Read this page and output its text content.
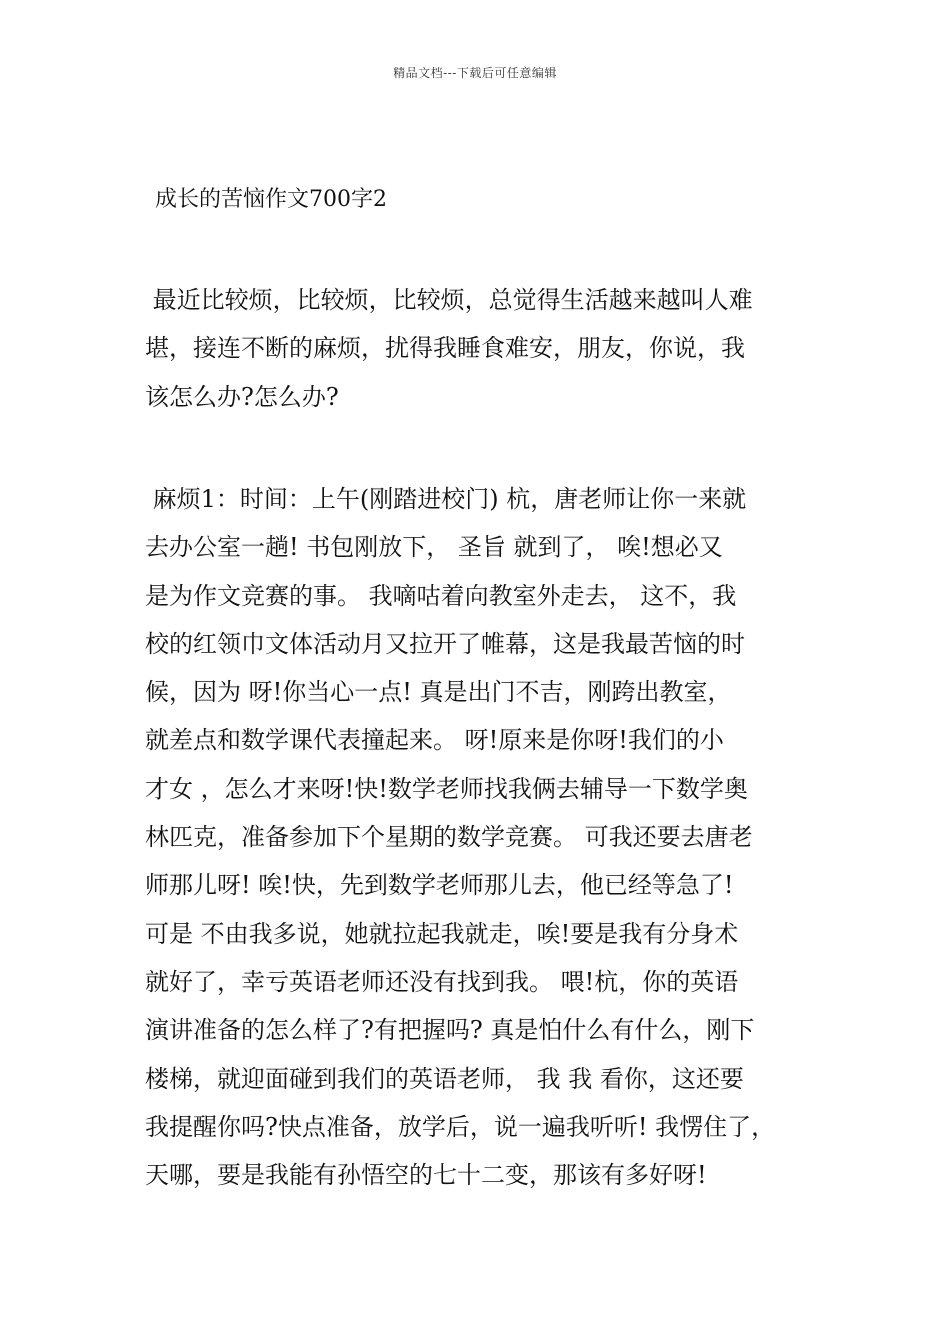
精品文档---下载后可任意编辑
成长的苦恼作文700字2
最近比较烦，比较烦，比较烦，总觉得生活越来越叫人难
堪，接连不断的麻烦，扰得我睡食难安，朋友，你说，我
该怎么办?怎么办?
麻烦1：时间：上午(刚踏进校门) 杭，唐老师让你一来就
去办公室一趟! 书包刚放下， 圣旨 就到了， 唉!想必又
是为作文竞赛的事。 我嘀咕着向教室外走去， 这不，我
校的红领巾文体活动月又拉开了帷幕，这是我最苦恼的时
候，因为 呀!你当心一点! 真是出门不吉，刚跨出教室，
就差点和数学课代表撞起来。 呀!原来是你呀!我们的小
才女 ，怎么才来呀!快!数学老师找我俩去辅导一下数学奥
林匹克，准备参加下个星期的数学竞赛。 可我还要去唐老
师那儿呀! 唉!快，先到数学老师那儿去，他已经等急了!
可是 不由我多说，她就拉起我就走，唉!要是我有分身术
就好了，幸亏英语老师还没有找到我。 喂!杭，你的英语
演讲准备的怎么样了?有把握吗? 真是怕什么有什么，刚下
楼梯，就迎面碰到我们的英语老师， 我 我 看你，这还要
我提醒你吗?快点准备，放学后，说一遍我听听! 我愣住了，
天哪，要是我能有孙悟空的七十二变，那该有多好呀!
